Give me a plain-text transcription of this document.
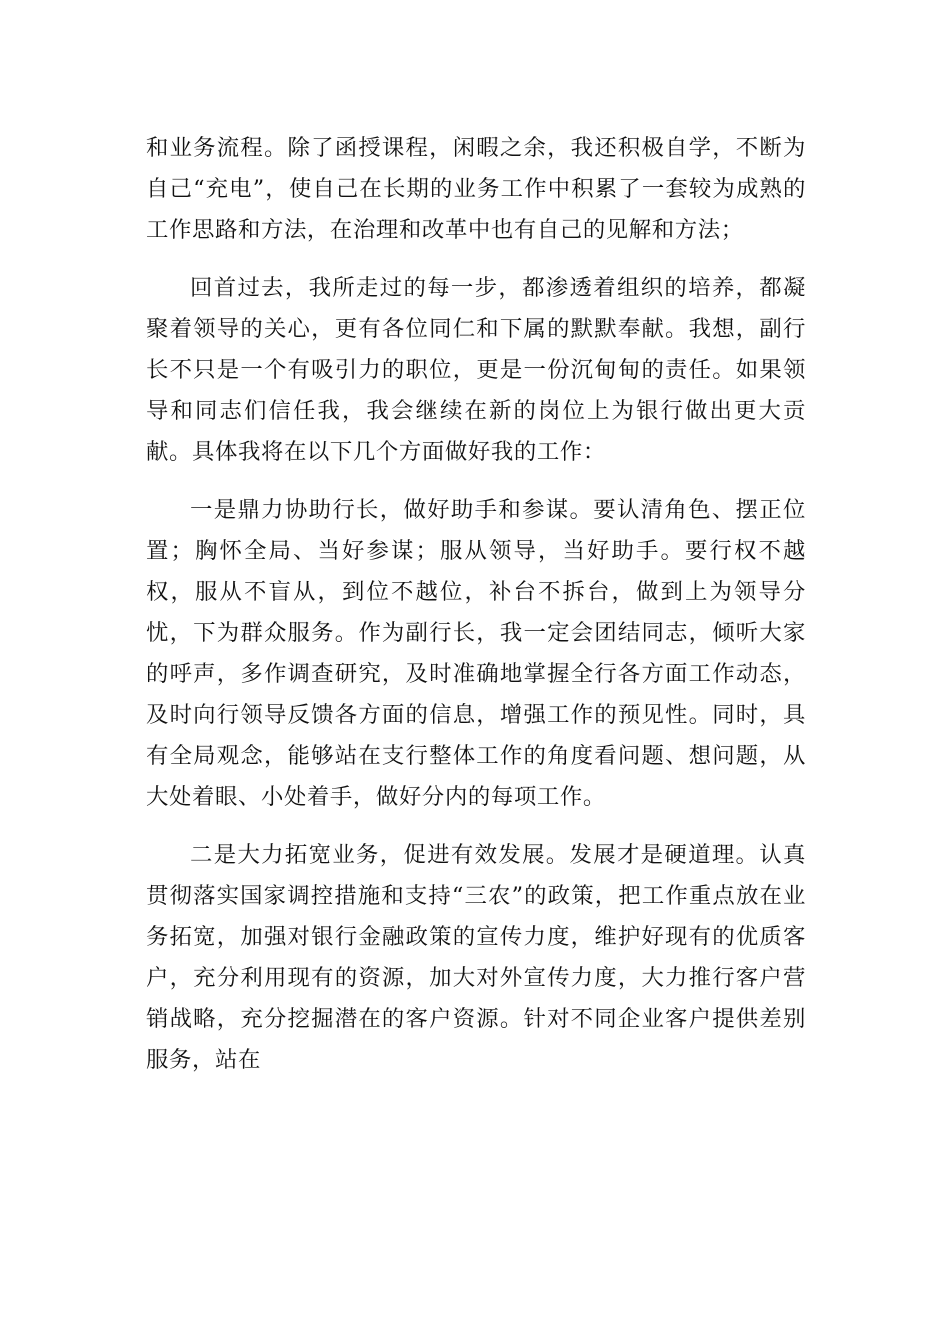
和业务流程。除了函授课程，闲暇之余，我还积极自学，不断为自己“充电”，使自己在长期的业务工作中积累了一套较为成熟的工作思路和方法，在治理和改革中也有自己的见解和方法；

回首过去，我所走过的每一步，都渗透着组织的培养，都凝聚着领导的关心，更有各位同仁和下属的默默奉献。我想，副行长不只是一个有吸引力的职位，更是一份沉甸甸的责任。如果领导和同志们信任我，我会继续在新的岗位上为银行做出更大贡献。具体我将在以下几个方面做好我的工作：

一是鼎力协助行长，做好助手和参谋。要认清角色、摆正位置；胸怀全局、当好参谋；服从领导，当好助手。要行权不越权，服从不盲从，到位不越位，补台不拆台，做到上为领导分忧，下为群众服务。作为副行长，我一定会团结同志，倾听大家的呼声，多作调查研究，及时准确地掌握全行各方面工作动态，及时向行领导反馈各方面的信息，增强工作的预见性。同时，具有全局观念，能够站在支行整体工作的角度看问题、想问题，从大处着眼、小处着手，做好分内的每项工作。

二是大力拓宽业务，促进有效发展。发展才是硬道理。认真贯彻落实国家调控措施和支持“三农”的政策，把工作重点放在业务拓宽，加强对银行金融政策的宣传力度，维护好现有的优质客户，充分利用现有的资源，加大对外宣传力度，大力推行客户营销战略，充分挖掘潜在的客户资源。针对不同企业客户提供差别服务，站在
